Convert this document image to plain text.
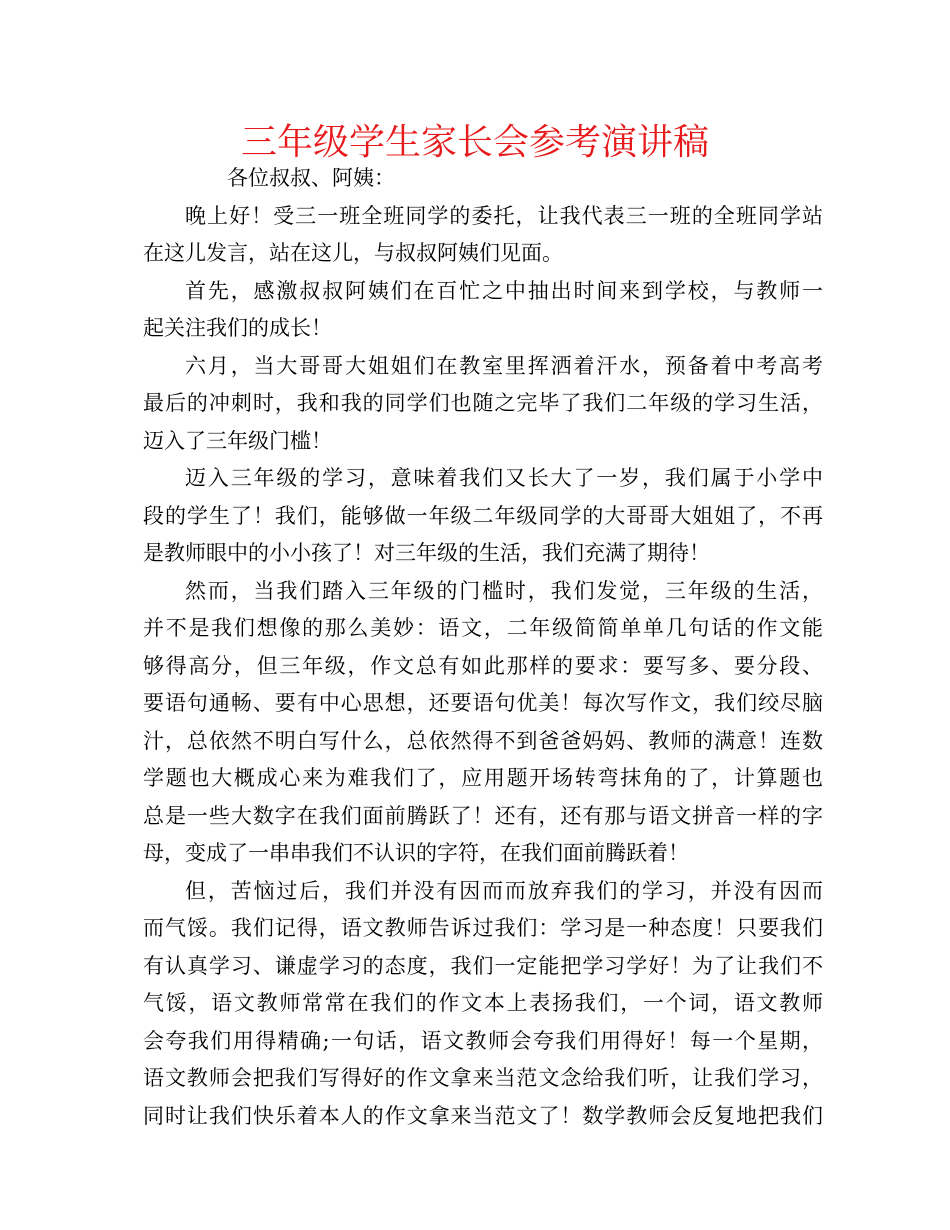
三年级学生家长会参考演讲稿
各位叔叔、阿姨：
晚上好！受三一班全班同学的委托，让我代表三一班的全班同学站
在这儿发言，站在这儿，与叔叔阿姨们见面。
首先，感激叔叔阿姨们在百忙之中抽出时间来到学校，与教师一
起关注我们的成长！
六月，当大哥哥大姐姐们在教室里挥洒着汗水，预备着中考高考
最后的冲刺时，我和我的同学们也随之完毕了我们二年级的学习生活，
迈入了三年级门槛！
迈入三年级的学习，意味着我们又长大了一岁，我们属于小学中
段的学生了！我们，能够做一年级二年级同学的大哥哥大姐姐了，不再
是教师眼中的小小孩了！对三年级的生活，我们充满了期待！
然而，当我们踏入三年级的门槛时，我们发觉，三年级的生活，
并不是我们想像的那么美妙：语文，二年级简简单单几句话的作文能
够得高分，但三年级，作文总有如此那样的要求：要写多、要分段、
要语句通畅、要有中心思想，还要语句优美！每次写作文，我们绞尽脑
汁，总依然不明白写什么，总依然得不到爸爸妈妈、教师的满意！连数
学题也大概成心来为难我们了，应用题开场转弯抹角的了，计算题也
总是一些大数字在我们面前腾跃了！还有，还有那与语文拼音一样的字
母，变成了一串串我们不认识的字符，在我们面前腾跃着！
但，苦恼过后，我们并没有因而而放弃我们的学习，并没有因而
而气馁。我们记得，语文教师告诉过我们：学习是一种态度！只要我们
有认真学习、谦虚学习的态度，我们一定能把学习学好！为了让我们不
气馁，语文教师常常在我们的作文本上表扬我们，一个词，语文教师
会夸我们用得精确;一句话，语文教师会夸我们用得好！每一个星期，
语文教师会把我们写得好的作文拿来当范文念给我们听，让我们学习，
同时让我们快乐着本人的作文拿来当范文了！数学教师会反复地把我们
